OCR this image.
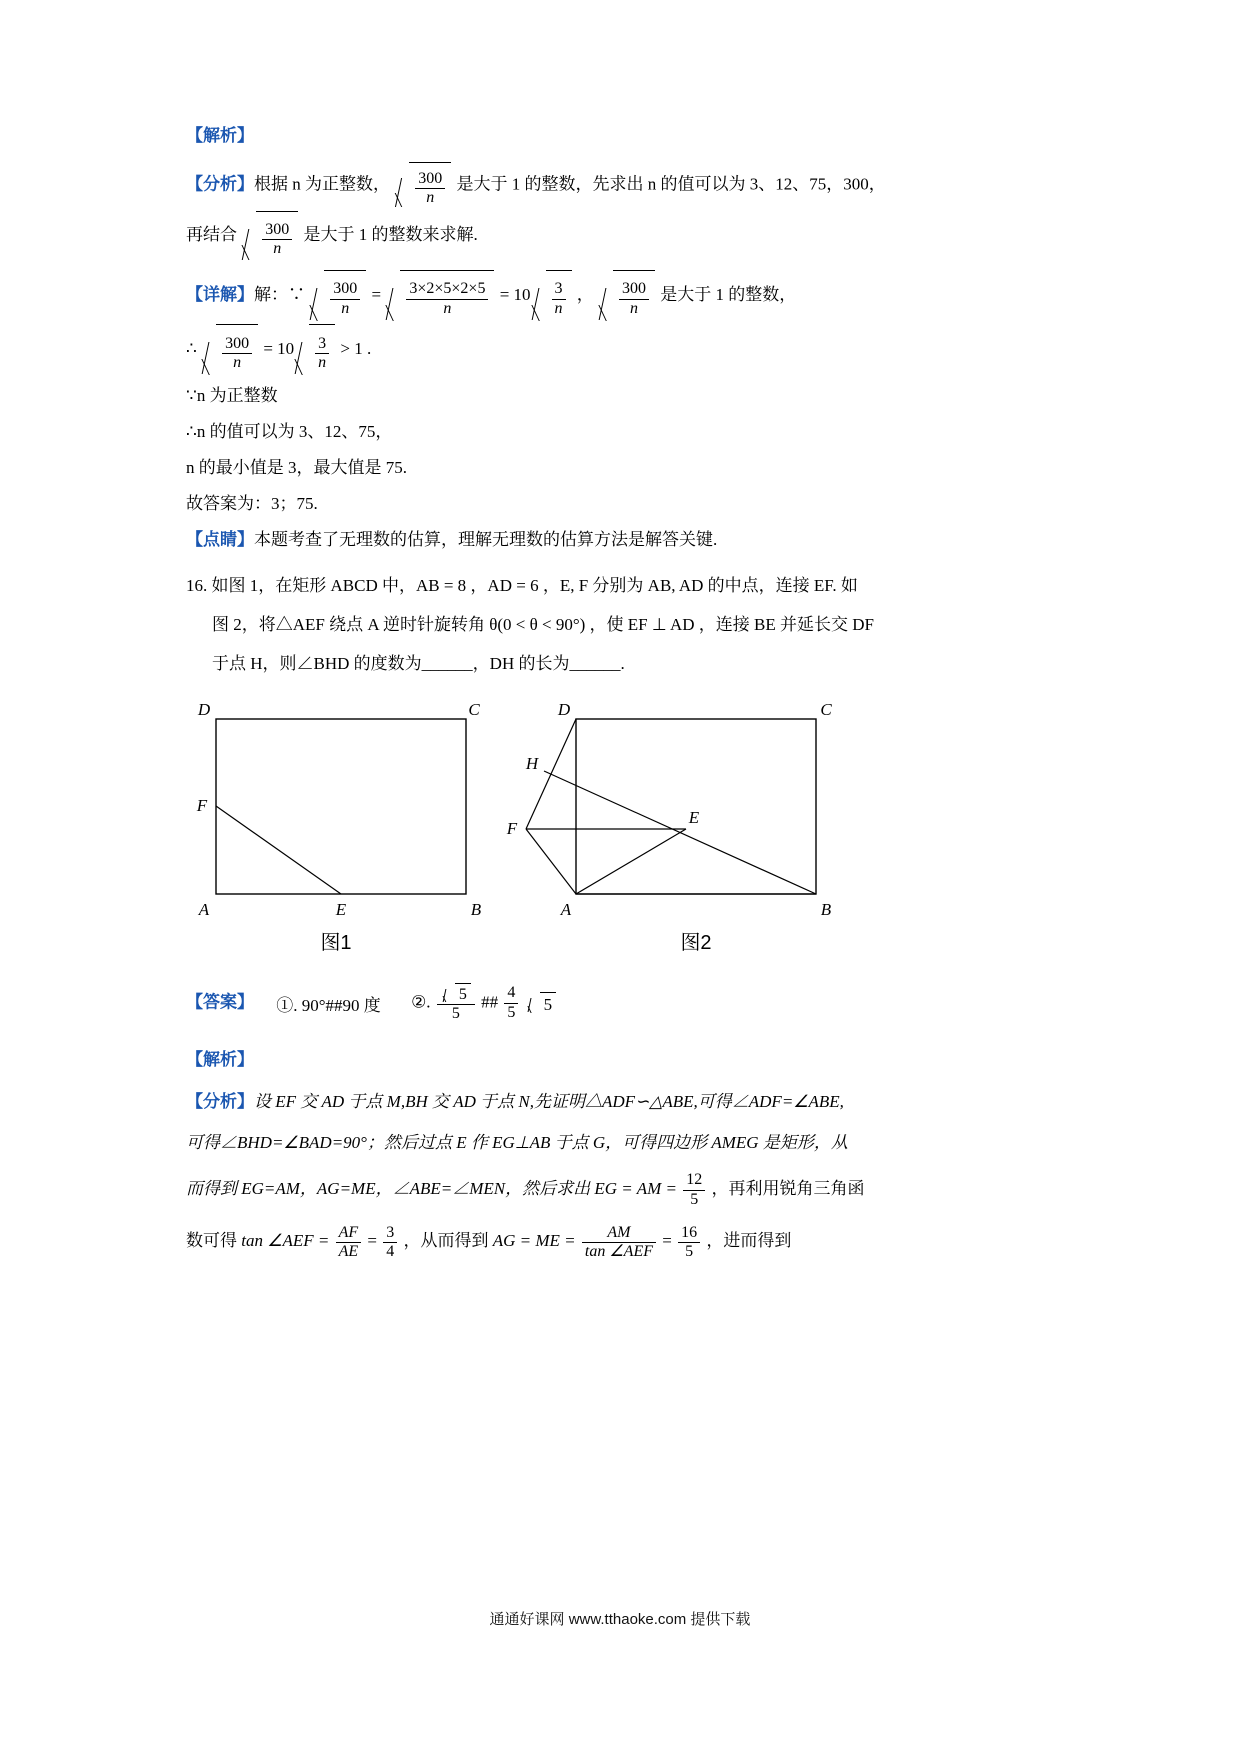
【解析】
【分析】根据 n 为正整数， $\frac{300}{n}$ 是大于 1 的整数，先求出 n 的值可以为 3、12、75，300，
再结合 $\frac{300}{n}$ 是大于 1 的整数来求解.
【详解】解：∵ $\frac{300}{n} = \frac{3\times 2\times 5\times 2\times 5}{n} = 10 \frac{3}{n}$ ， $\frac{300}{n}$ 是大于 1 的整数，
∴ $\frac{300}{n} = 10 \frac{3}{n} > 1$ .
∵n 为正整数
∴n 的值可以为 3、12、75，
n 的最小值是 3，最大值是 75.
故答案为：3；75.
【点睛】本题考查了无理数的估算，理解无理数的估算方法是解答关键.
16. 如图 1，在矩形 ABCD 中，AB = 8 ，AD = 6 ，E, F 分别为 AB, AD 的中点，连接 EF. 如
图 2，将△AEF 绕点 A 逆时针旋转角 θ(0 < θ < 90°) ，使 EF ⊥ AD ，连接 BE 并延长交 DF
于点 H，则∠BHD 的度数为______，DH 的长为______.
D	C
F
A	E	B
D	C
H
F
E
A	B
图1	图2
【答案】 ①. 90°##90 度 ②. $\frac{5}{5}$ ## $\frac{4}{5} 5$
【解析】
【分析】设 EF 交 AD 于点 M,BH 交 AD 于点 N,先证明△ADF∽△ABE,可得∠ADF=∠ABE,
可得∠BHD=∠BAD=90°；然后过点 E 作 EG⊥AB 于点 G，可得四边形 AMEG 是矩形，从
而得到 EG=AM，AG=ME，∠ABE=∠MEN，然后求出 EG = AM = $\frac{12}{5}$ ，再利用锐角三角函
数可得 tan ∠AEF = $\frac{AF}{AE} = \frac{3}{4}$ ，从而得到 AG = ME = $\frac{AM}{\text{tan ∠AEF}} = \frac{16}{5}$ ，进而得到
通通好课网 www.tthaoke.com 提供下载
